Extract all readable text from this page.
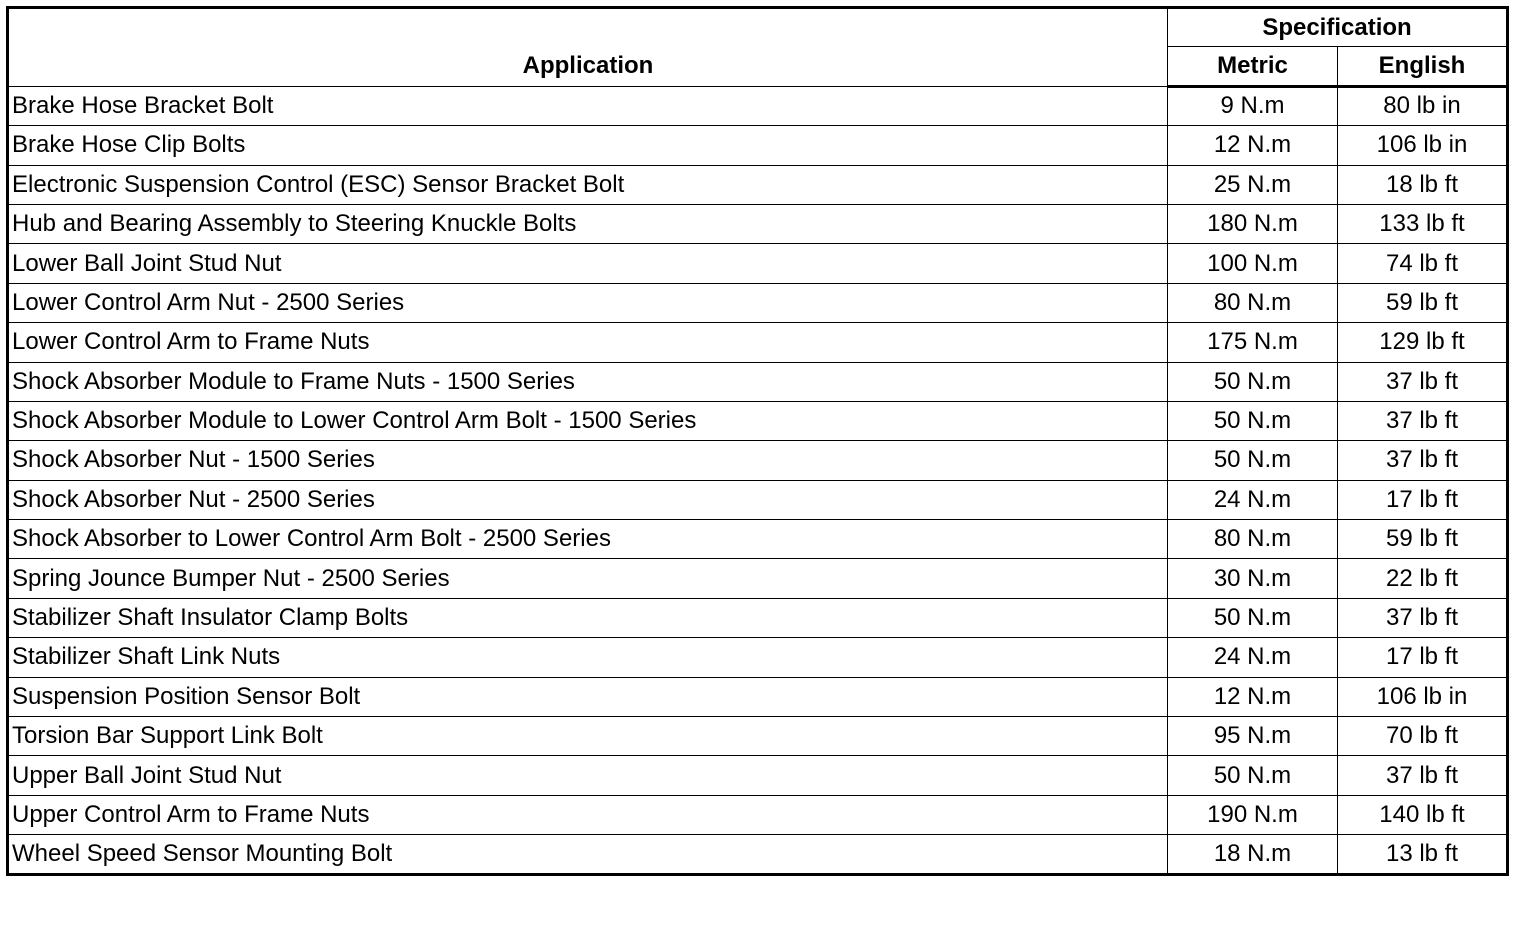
Application	Specification	
	Metric	English
Brake Hose Bracket Bolt	9 N.m	80 lb in
Brake Hose Clip Bolts	12 N.m	106 lb in
Electronic Suspension Control (ESC) Sensor Bracket Bolt	25 N.m	18 lb ft
Hub and Bearing Assembly to Steering Knuckle Bolts	180 N.m	133 lb ft
Lower Ball Joint Stud Nut	100 N.m	74 lb ft
Lower Control Arm Nut - 2500 Series	80 N.m	59 lb ft
Lower Control Arm to Frame Nuts	175 N.m	129 lb ft
Shock Absorber Module to Frame Nuts - 1500 Series	50 N.m	37 lb ft
Shock Absorber Module to Lower Control Arm Bolt - 1500 Series	50 N.m	37 lb ft
Shock Absorber Nut - 1500 Series	50 N.m	37 lb ft
Shock Absorber Nut - 2500 Series	24 N.m	17 lb ft
Shock Absorber to Lower Control Arm Bolt - 2500 Series	80 N.m	59 lb ft
Spring Jounce Bumper Nut - 2500 Series	30 N.m	22 lb ft
Stabilizer Shaft Insulator Clamp Bolts	50 N.m	37 lb ft
Stabilizer Shaft Link Nuts	24 N.m	17 lb ft
Suspension Position Sensor Bolt	12 N.m	106 lb in
Torsion Bar Support Link Bolt	95 N.m	70 lb ft
Upper Ball Joint Stud Nut	50 N.m	37 lb ft
Upper Control Arm to Frame Nuts	190 N.m	140 lb ft
Wheel Speed Sensor Mounting Bolt	18 N.m	13 lb ft
